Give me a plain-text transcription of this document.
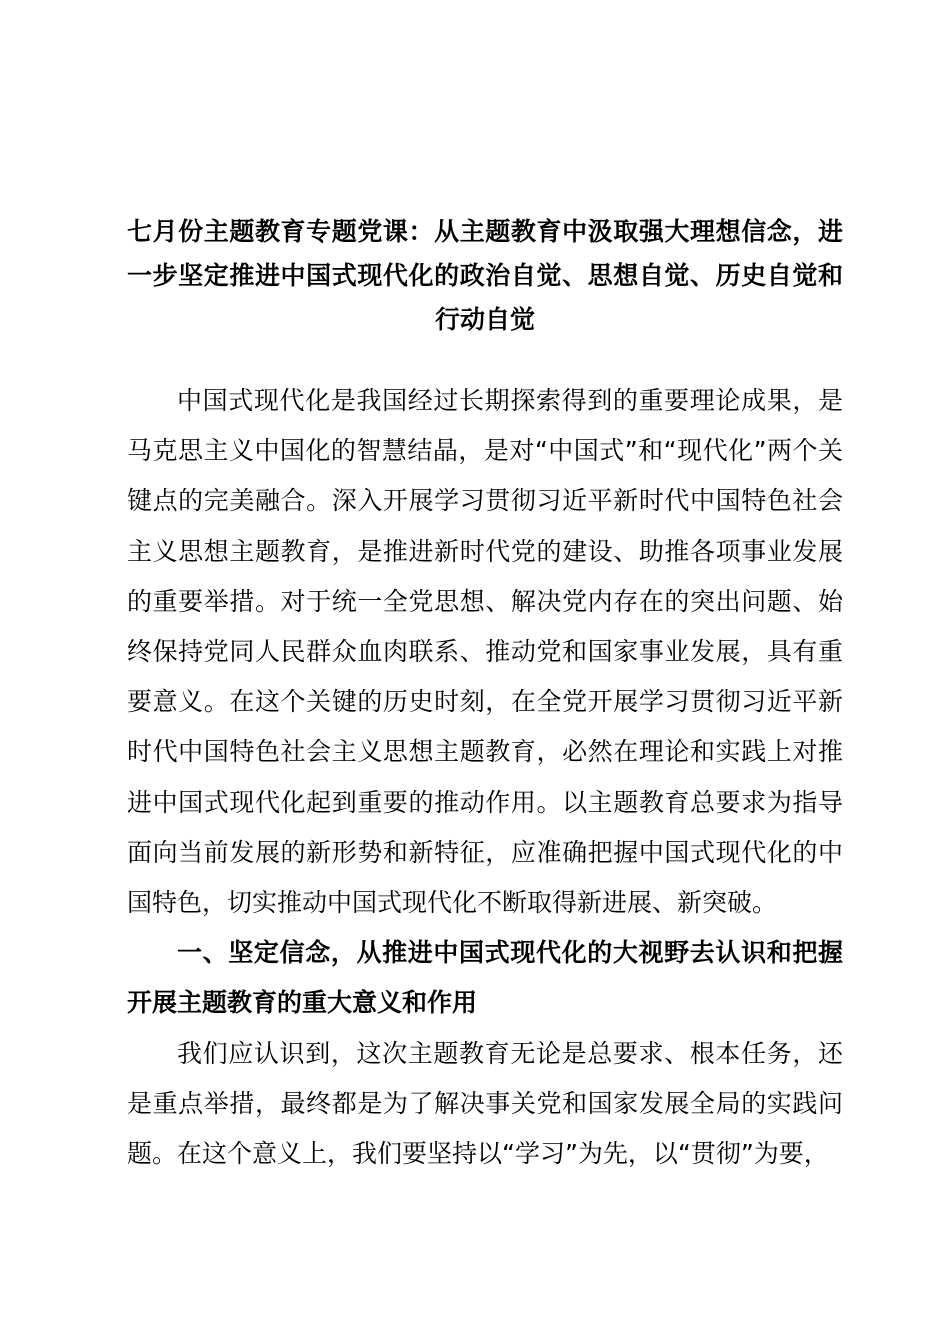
七月份主题教育专题党课：从主题教育中汲取强大理想信念，进一步坚定推进中国式现代化的政治自觉、思想自觉、历史自觉和行动自觉

中国式现代化是我国经过长期探索得到的重要理论成果，是马克思主义中国化的智慧结晶，是对“中国式”和“现代化”两个关键点的完美融合。深入开展学习贯彻习近平新时代中国特色社会主义思想主题教育，是推进新时代党的建设、助推各项事业发展的重要举措。对于统一全党思想、解决党内存在的突出问题、始终保持党同人民群众血肉联系、推动党和国家事业发展，具有重要意义。在这个关键的历史时刻，在全党开展学习贯彻习近平新时代中国特色社会主义思想主题教育，必然在理论和实践上对推进中国式现代化起到重要的推动作用。以主题教育总要求为指导面向当前发展的新形势和新特征，应准确把握中国式现代化的中国特色，切实推动中国式现代化不断取得新进展、新突破。

一、坚定信念，从推进中国式现代化的大视野去认识和把握开展主题教育的重大意义和作用

我们应认识到，这次主题教育无论是总要求、根本任务，还是重点举措，最终都是为了解决事关党和国家发展全局的实践问题。在这个意义上，我们要坚持以“学习”为先，以“贯彻”为要，
